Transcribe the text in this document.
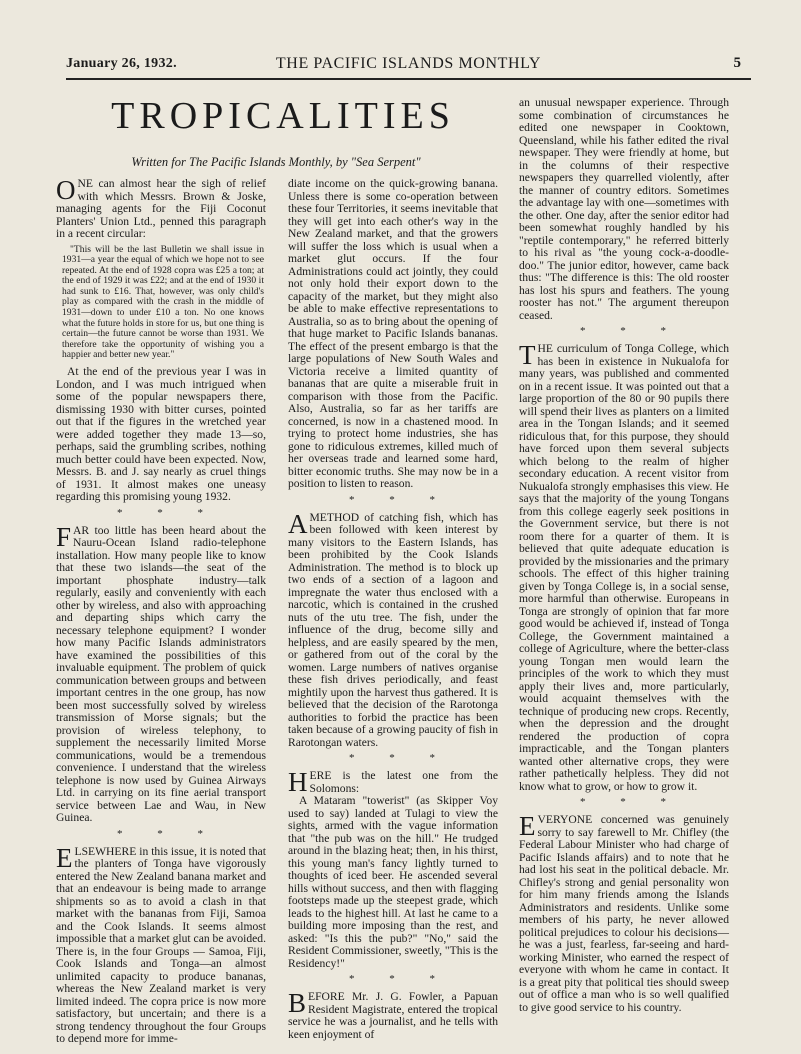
January 26, 1932.	THE PACIFIC ISLANDS MONTHLY	5
TROPICALITIES

Written for The Pacific Islands Monthly, by "Sea Serpent"

ONE can almost hear the sigh of relief with which Messrs. Brown & Joske, managing agents for the Fiji Coconut Planters' Union Ltd., penned this paragraph in a recent circular:

"This will be the last Bulletin we shall issue in 1931—a year the equal of which we hope not to see repeated. At the end of 1928 copra was £25 a ton; at the end of 1929 it was £22; and at the end of 1930 it had sunk to £16. That, however, was only child's play as compared with the crash in the middle of 1931—down to under £10 a ton. No one knows what the future holds in store for us, but one thing is certain—the future cannot be worse than 1931. We therefore take the opportunity of wishing you a happier and better new year."

At the end of the previous year I was in London, and I was much intrigued when some of the popular newspapers there, dismissing 1930 with bitter curses, pointed out that if the figures in the wretched year were added together they made 13—so, perhaps, said the grumbling scribes, nothing much better could have been expected. Now, Messrs. B. and J. say nearly as cruel things of 1931. It almost makes one uneasy regarding this promising young 1932.

* * *

FAR too little has been heard about the Nauru-Ocean Island radio-telephone installation. How many people like to know that these two islands—the seat of the important phosphate industry—talk regularly, easily and conveniently with each other by wireless, and also with approaching and departing ships which carry the necessary telephone equipment? I wonder how many Pacific Islands administrators have examined the possibilities of this invaluable equipment. The problem of quick communication between groups and between important centres in the one group, has now been most successfully solved by wireless transmission of Morse signals; but the provision of wireless telephony, to supplement the necessarily limited Morse communications, would be a tremendous convenience. I understand that the wireless telephone is now used by Guinea Airways Ltd. in carrying on its fine aerial transport service between Lae and Wau, in New Guinea.

* * *

ELSEWHERE in this issue, it is noted that the planters of Tonga have vigorously entered the New Zealand banana market and that an endeavour is being made to arrange shipments so as to avoid a clash in that market with the bananas from Fiji, Samoa and the Cook Islands. It seems almost impossible that a market glut can be avoided. There is, in the four Groups — Samoa, Fiji, Cook Islands and Tonga—an almost unlimited capacity to produce bananas, whereas the New Zealand market is very limited indeed. The copra price is now more satisfactory, but uncertain; and there is a strong tendency throughout the four Groups to depend more for imme-

diate income on the quick-growing banana. Unless there is some co-operation between these four Territories, it seems inevitable that they will get into each other's way in the New Zealand market, and that the growers will suffer the loss which is usual when a market glut occurs. If the four Administrations could act jointly, they could not only hold their export down to the capacity of the market, but they might also be able to make effective representations to Australia, so as to bring about the opening of that huge market to Pacific Islands bananas. The effect of the present embargo is that the large populations of New South Wales and Victoria receive a limited quantity of bananas that are quite a miserable fruit in comparison with those from the Pacific. Also, Australia, so far as her tariffs are concerned, is now in a chastened mood. In trying to protect home industries, she has gone to ridiculous extremes, killed much of her overseas trade and learned some hard, bitter economic truths. She may now be in a position to listen to reason.

* * *

AMETHOD of catching fish, which has been followed with keen interest by many visitors to the Eastern Islands, has been prohibited by the Cook Islands Administration. The method is to block up two ends of a section of a lagoon and impregnate the water thus enclosed with a narcotic, which is contained in the crushed nuts of the utu tree. The fish, under the influence of the drug, become silly and helpless, and are easily speared by the men, or gathered from out of the coral by the women. Large numbers of natives organise these fish drives periodically, and feast mightily upon the harvest thus gathered. It is believed that the decision of the Rarotonga authorities to forbid the practice has been taken because of a growing paucity of fish in Rarotongan waters.

* * *

HERE is the latest one from the Solomons:

A Mataram "towerist" (as Skipper Voy used to say) landed at Tulagi to view the sights, armed with the vague information that "the pub was on the hill." He trudged around in the blazing heat; then, in his thirst, this young man's fancy lightly turned to thoughts of iced beer. He ascended several hills without success, and then with flagging footsteps made up the steepest grade, which leads to the highest hill. At last he came to a building more imposing than the rest, and asked: "Is this the pub?" "No," said the Resident Commissioner, sweetly, "This is the Residency!"

* * *

BEFORE Mr. J. G. Fowler, a Papuan Resident Magistrate, entered the tropical service he was a journalist, and he tells with keen enjoyment of

an unusual newspaper experience. Through some combination of circumstances he edited one newspaper in Cooktown, Queensland, while his father edited the rival newspaper. They were friendly at home, but in the columns of their respective newspapers they quarrelled violently, after the manner of country editors. Sometimes the advantage lay with one—sometimes with the other. One day, after the senior editor had been somewhat roughly handled by his "reptile contemporary," he referred bitterly to his rival as "the young cock-a-doodle-doo." The junior editor, however, came back thus: "The difference is this: The old rooster has lost his spurs and feathers. The young rooster has not." The argument thereupon ceased.

* * *

THE curriculum of Tonga College, which has been in existence in Nukualofa for many years, was published and commented on in a recent issue. It was pointed out that a large proportion of the 80 or 90 pupils there will spend their lives as planters on a limited area in the Tongan Islands; and it seemed ridiculous that, for this purpose, they should have forced upon them several subjects which belong to the realm of higher secondary education. A recent visitor from Nukualofa strongly emphasises this view. He says that the majority of the young Tongans from this college eagerly seek positions in the Government service, but there is not room there for a quarter of them. It is believed that quite adequate education is provided by the missionaries and the primary schools. The effect of this higher training given by Tonga College is, in a social sense, more harmful than otherwise. Europeans in Tonga are strongly of opinion that far more good would be achieved if, instead of Tonga College, the Government maintained a college of Agriculture, where the better-class young Tongan men would learn the principles of the work to which they must apply their lives and, more particularly, would acquaint themselves with the technique of producing new crops. Recently, when the depression and the drought rendered the production of copra impracticable, and the Tongan planters wanted other alternative crops, they were rather pathetically helpless. They did not know what to grow, or how to grow it.

* * *

EVERYONE concerned was genuinely sorry to say farewell to Mr. Chifley (the Federal Labour Minister who had charge of Pacific Islands affairs) and to note that he had lost his seat in the political debacle. Mr. Chifley's strong and genial personality won for him many friends among the Islands Administrators and residents. Unlike some members of his party, he never allowed political prejudices to colour his decisions—he was a just, fearless, far-seeing and hard-working Minister, who earned the respect of everyone with whom he came in contact. It is a great pity that political ties should sweep out of office a man who is so well qualified to give good service to his country.
